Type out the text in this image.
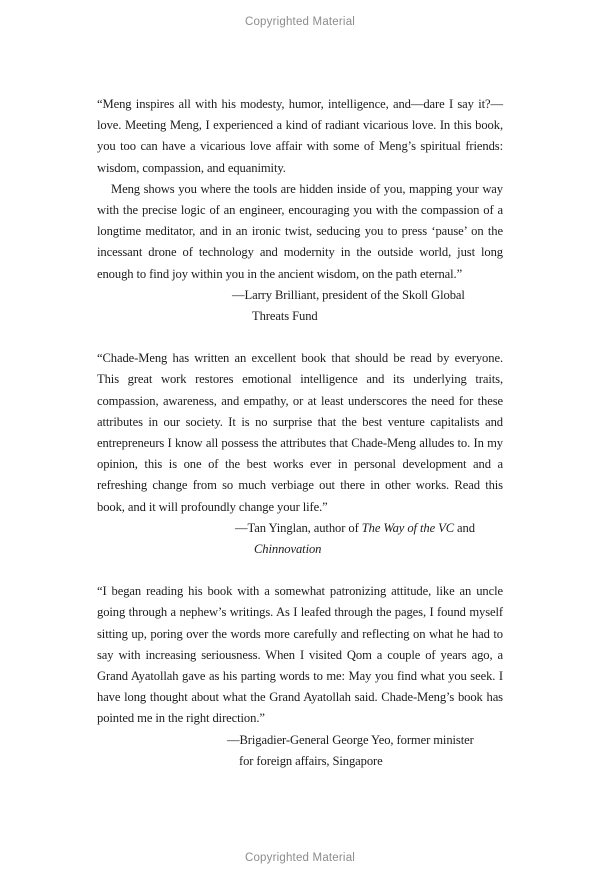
Copyrighted Material

“Meng inspires all with his modesty, humor, intelligence, and—dare I say it?—love. Meeting Meng, I experienced a kind of radiant vicarious love. In this book, you too can have a vicarious love affair with some of Meng’s spiritual friends: wisdom, compassion, and equanimity.

Meng shows you where the tools are hidden inside of you, mapping your way with the precise logic of an engineer, encouraging you with the compassion of a longtime meditator, and in an ironic twist, seducing you to press ‘pause’ on the incessant drone of technology and modernity in the outside world, just long enough to find joy within you in the ancient wisdom, on the path eternal.”

—Larry Brilliant, president of the Skoll Global
Threats Fund

“Chade-Meng has written an excellent book that should be read by everyone. This great work restores emotional intelligence and its underlying traits, compassion, awareness, and empathy, or at least underscores the need for these attributes in our society. It is no surprise that the best venture capitalists and entrepreneurs I know all possess the attributes that Chade-Meng alludes to. In my opinion, this is one of the best works ever in personal development and a refreshing change from so much verbiage out there in other works. Read this book, and it will profoundly change your life.”

—Tan Yinglan, author of The Way of the VC and
Chinnovation

“I began reading his book with a somewhat patronizing attitude, like an uncle going through a nephew’s writings. As I leafed through the pages, I found myself sitting up, poring over the words more carefully and reflecting on what he had to say with increasing seriousness. When I visited Qom a couple of years ago, a Grand Ayatollah gave as his parting words to me: May you find what you seek. I have long thought about what the Grand Ayatollah said. Chade-Meng’s book has pointed me in the right direction.”

—Brigadier-General George Yeo, former minister
for foreign affairs, Singapore
Copyrighted Material
